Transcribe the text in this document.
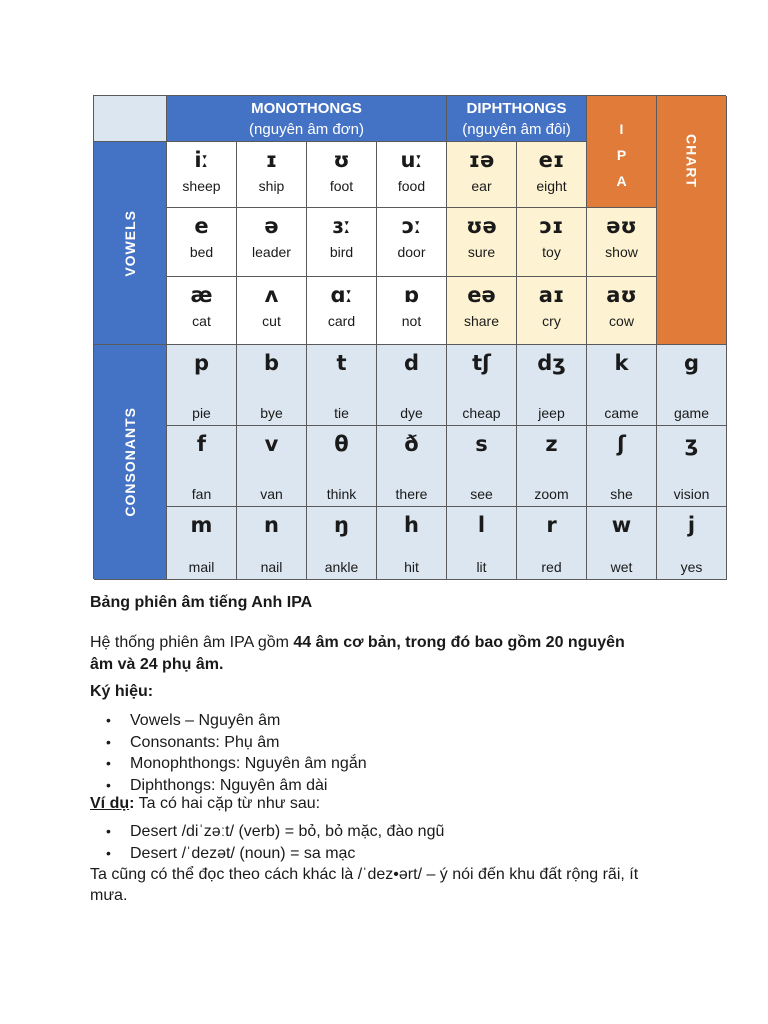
MONOTHONGS
(nguyên âm đơn)
DIPHTHONGS
(nguyên âm đôi)	I
P
A	CHART
VOWELS
CONSONANTS
iː
sheep
ɪ
ship
ʊ
foot
uː
food
ɪə
ear
eɪ
eight
e
bed
ə
leader
ɜː
bird
ɔː
door
ʊə
sure
ɔɪ
toy
əʊ
show
æ
cat
ʌ
cut
ɑː
card
ɒ
not
eə
share
aɪ
cry
aʊ
cow
p
pie
b
bye
t
tie
d
dye
tʃ
cheap
dʒ
jeep
k
came
g
game
f
fan
v
van
θ
think
ð
there
s
see
z
zoom
ʃ
she
ʒ
vision
m
mail
n
nail
ŋ
ankle
h
hit
l
lit
r
red
w
wet
j
yes
Bảng phiên âm tiếng Anh IPA
Hệ thống phiên âm IPA gồm 44 âm cơ bản, trong đó bao gồm 20 nguyên âm và 24 phụ âm.
Ký hiệu:
• Vowels – Nguyên âm
• Consonants: Phụ âm
• Monophthongs: Nguyên âm ngắn
• Diphthongs: Nguyên âm dài
Ví dụ: Ta có hai cặp từ như sau:
• Desert /diˈzəːt/ (verb) = bỏ, bỏ mặc, đào ngũ
• Desert /ˈdezət/ (noun) = sa mạc
Ta cũng có thể đọc theo cách khác là /ˈdez•ərt/ – ý nói đến khu đất rộng rãi, ít mưa.
